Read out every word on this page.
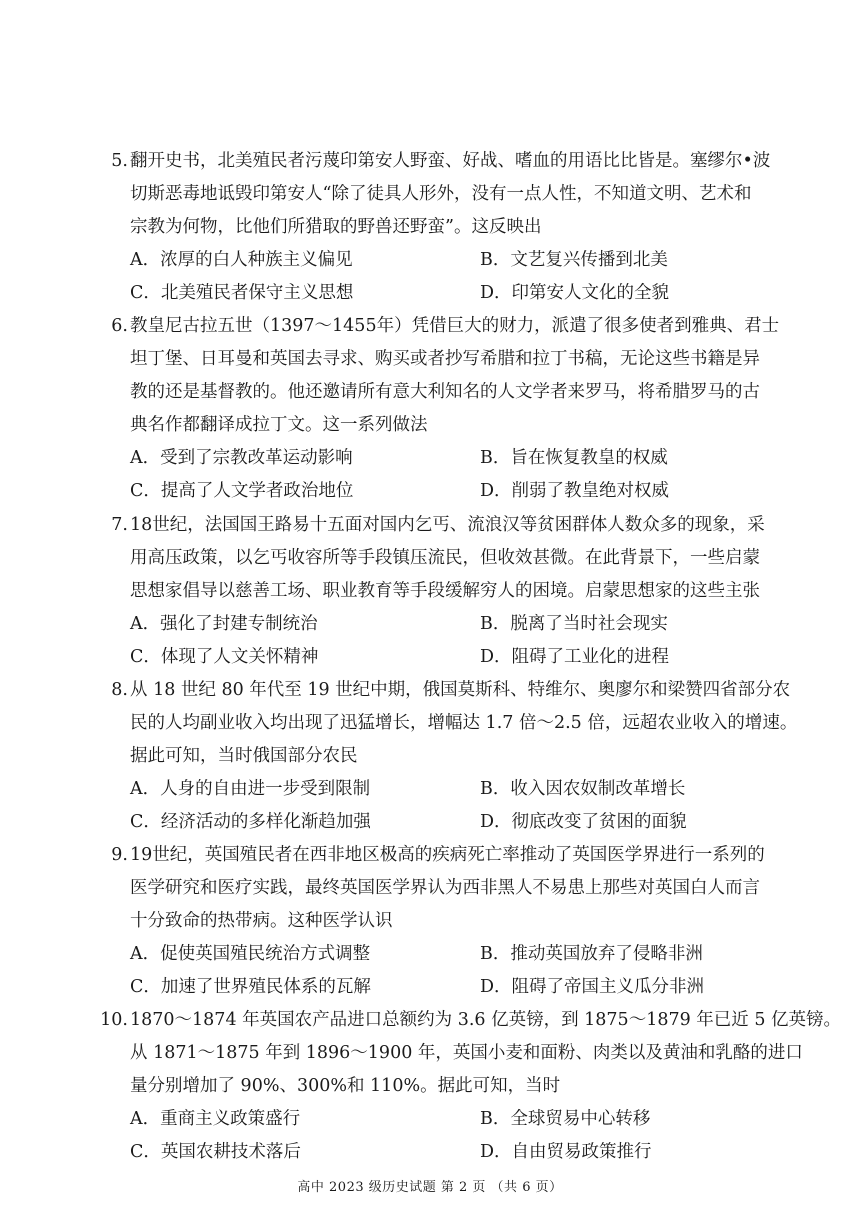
5. 翻开史书，北美殖民者污蔑印第安人野蛮、好战、嗜血的用语比比皆是。塞缪尔•波
切斯恶毒地诋毁印第安人“除了徒具人形外，没有一点人性，不知道文明、艺术和
宗教为何物，比他们所猎取的野兽还野蛮”。这反映出
A．浓厚的白人种族主义偏见	B．文艺复兴传播到北美
C．北美殖民者保守主义思想	D．印第安人文化的全貌
6. 教皇尼古拉五世（1397～1455年）凭借巨大的财力，派遣了很多使者到雅典、君士
坦丁堡、日耳曼和英国去寻求、购买或者抄写希腊和拉丁书稿，无论这些书籍是异
教的还是基督教的。他还邀请所有意大利知名的人文学者来罗马，将希腊罗马的古
典名作都翻译成拉丁文。这一系列做法
A．受到了宗教改革运动影响	B．旨在恢复教皇的权威
C．提高了人文学者政治地位	D．削弱了教皇绝对权威
7. 18世纪，法国国王路易十五面对国内乞丐、流浪汉等贫困群体人数众多的现象，采
用高压政策，以乞丐收容所等手段镇压流民，但收效甚微。在此背景下，一些启蒙
思想家倡导以慈善工场、职业教育等手段缓解穷人的困境。启蒙思想家的这些主张
A．强化了封建专制统治	B．脱离了当时社会现实
C．体现了人文关怀精神	D．阻碍了工业化的进程
8. 从 18 世纪 80 年代至 19 世纪中期，俄国莫斯科、特维尔、奥廖尔和梁赞四省部分农
民的人均副业收入均出现了迅猛增长，增幅达 1.7 倍～2.5 倍，远超农业收入的增速。
据此可知，当时俄国部分农民
A．人身的自由进一步受到限制	B．收入因农奴制改革增长
C．经济活动的多样化渐趋加强	D．彻底改变了贫困的面貌
9. 19世纪，英国殖民者在西非地区极高的疾病死亡率推动了英国医学界进行一系列的
医学研究和医疗实践，最终英国医学界认为西非黑人不易患上那些对英国白人而言
十分致命的热带病。这种医学认识
A．促使英国殖民统治方式调整	B．推动英国放弃了侵略非洲
C．加速了世界殖民体系的瓦解	D．阻碍了帝国主义瓜分非洲
10. 1870～1874 年英国农产品进口总额约为 3.6 亿英镑，到 1875～1879 年已近 5 亿英镑。
从 1871～1875 年到 1896～1900 年，英国小麦和面粉、肉类以及黄油和乳酪的进口
量分别增加了 90%、300%和 110%。据此可知，当时
A．重商主义政策盛行	B．全球贸易中心转移
C．英国农耕技术落后	D．自由贸易政策推行
高中 2023 级历史试题 第 2 页 （共 6 页）
